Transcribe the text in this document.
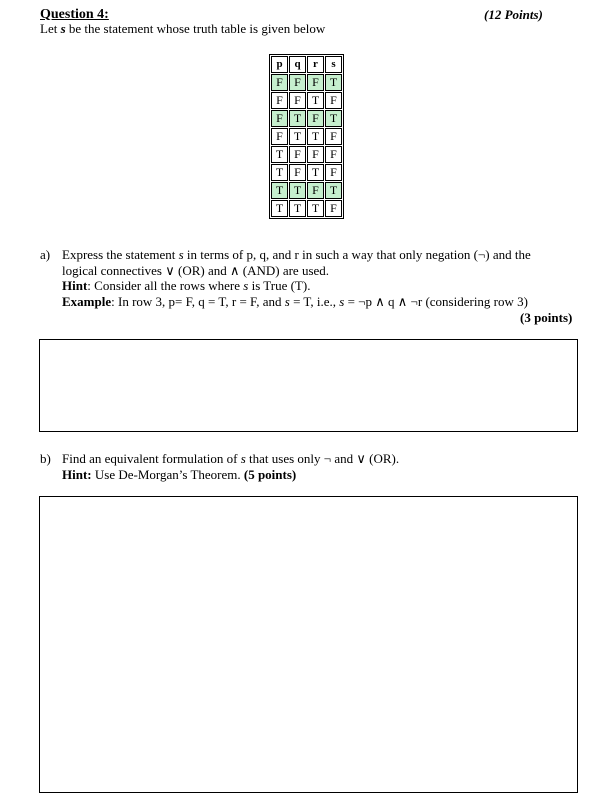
Question 4:	(12 Points)
Let s be the statement whose truth table is given below
p	q	r	s
F	F	F	T
F	F	T	F
F	T	F	T
F	T	T	F
T	F	F	F
T	F	T	F
T	T	F	T
T	T	T	F
a) Express the statement s in terms of p, q, and r in such a way that only negation (¬) and the
logical connectives ∨ (OR) and ∧ (AND) are used.
Hint: Consider all the rows where s is True (T).
Example: In row 3, p= F, q = T, r = F, and s = T, i.e., s = ¬p ∧ q ∧ ¬r (considering row 3)
(3 points)
b) Find an equivalent formulation of s that uses only ¬ and ∨ (OR).
Hint: Use De-Morgan’s Theorem. (5 points)
